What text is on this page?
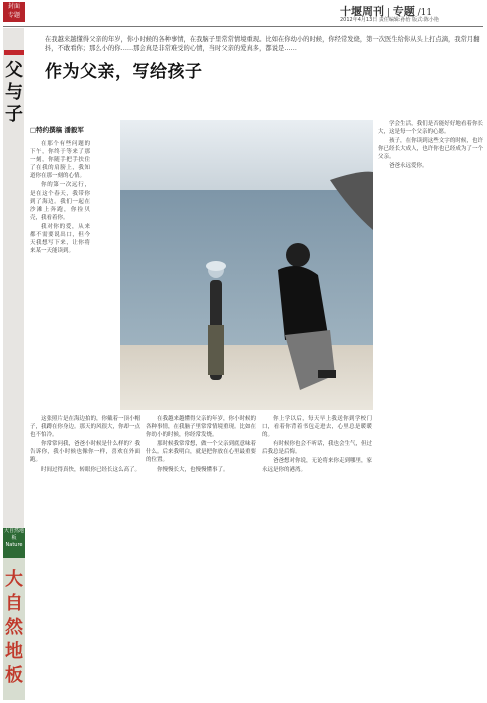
封面
专题	十堰周刊 | 专题 /11
2012年4月13日 责任编辑:孙怡 版式:陈小艳
父与子
大自然地板 Nature
大自然地板
在我越来越懂得父亲的年岁，你小时候的各种事情，在我脑子里常常情境重现。比如在你幼小的时候，你经常发烧，第一次医生给你从头上打点滴，我常月翻抖，不敢看你；那么小的你……那会真是非常难受的心情，当时父亲的爱真多，都说是……
作为父亲，写给孩子
□特约撰稿 潘毅军

在那个有些问题的下午，你终于等来了那一刻，你随手把手扶住了在我的肩膀上，我知道你在那一刻的心情。

你的第一次远行，是在这个春天，我带你到了海边。我们一起在沙滩上奔跑，你捡贝壳，我看着你。

我对你的爱，从来都不需要说出口，但今天我想写下来，让你将来某一天能读到。

这张照片是在海边拍的，你戴着一顶小帽子，我蹲在你身边。那天的风很大，你却一点也不怕冷。

你常常问我，爸爸小时候是什么样的？我告诉你，我小时候也像你一样，喜欢在外面跑。

时间过得真快，转眼你已经长这么高了。

在我越来越懂得父亲的年岁，你小时候的各种事情，在我脑子里常常情境重现。比如在你幼小的时候，你经常发烧。

那时候我常常想，做一个父亲到底意味着什么。后来我明白，就是把你放在心里最重要的位置。

你慢慢长大，也慢慢懂事了。

你上学以后，每天早上我送你到学校门口，看着你背着书包走进去，心里总是暖暖的。

有时候你也会不听话，我也会生气，但过后我总是后悔。

爸爸想对你说，无论将来你走到哪里，家永远是你的港湾。

学会生活，我们是否能好好地看着你长大，这是每一个父亲的心愿。

孩子，在你读到这些文字的时候，也许你已经长大成人，也许你也已经成为了一个父亲。

爸爸永远爱你。
